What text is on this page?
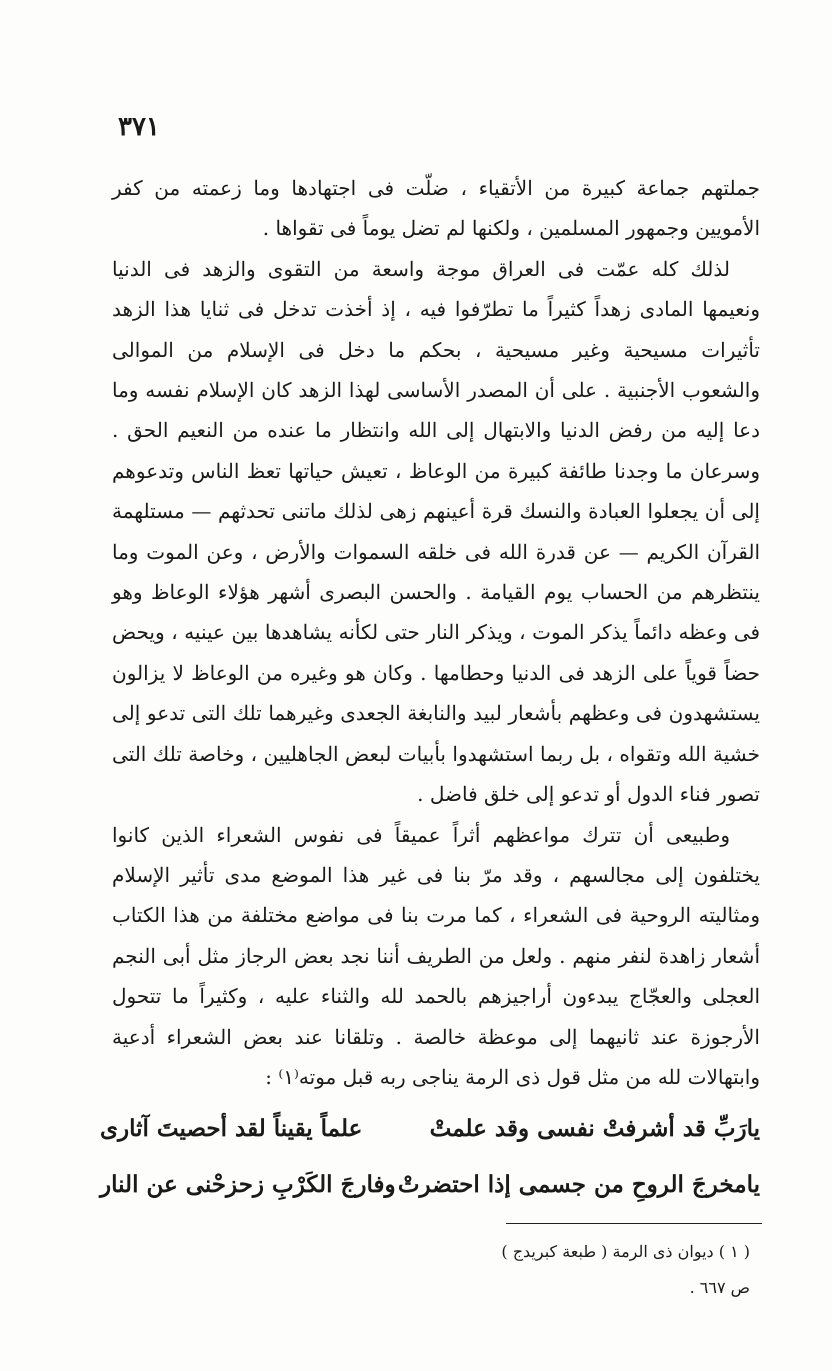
٣٧١

جملتهم جماعة كبيرة من الأتقياء ، ضلّت فى اجتهادها وما زعمته من كفر الأمويين وجمهور المسلمين ، ولكنها لم تضل يوماً فى تقواها .

لذلك كله عمّت فى العراق موجة واسعة من التقوى والزهد فى الدنيا ونعيمها المادى زهداً كثيراً ما تطرّفوا فيه ، إذ أخذت تدخل فى ثنايا هذا الزهد تأثيرات مسيحية وغير مسيحية ، بحكم ما دخل فى الإسلام من الموالى والشعوب الأجنبية . على أن المصدر الأساسى لهذا الزهد كان الإسلام نفسه وما دعا إليه من رفض الدنيا والابتهال إلى الله وانتظار ما عنده من النعيم الحق . وسرعان ما وجدنا طائفة كبيرة من الوعاظ ، تعيش حياتها تعظ الناس وتدعوهم إلى أن يجعلوا العبادة والنسك قرة أعينهم زهى لذلك ماتنى تحدثهم — مستلهمة القرآن الكريم — عن قدرة الله فى خلقه السموات والأرض ، وعن الموت وما ينتظرهم من الحساب يوم القيامة . والحسن البصرى أشهر هؤلاء الوعاظ وهو فى وعظه دائماً يذكر الموت ، ويذكر النار حتى لكأنه يشاهدها بين عينيه ، ويحض حضاً قوياً على الزهد فى الدنيا وحطامها . وكان هو وغيره من الوعاظ لا يزالون يستشهدون فى وعظهم بأشعار لبيد والنابغة الجعدى وغيرهما تلك التى تدعو إلى خشية الله وتقواه ، بل ربما استشهدوا بأبيات لبعض الجاهليين ، وخاصة تلك التى تصور فناء الدول أو تدعو إلى خلق فاضل .

وطبيعى أن تترك مواعظهم أثراً عميقاً فى نفوس الشعراء الذين كانوا يختلفون إلى مجالسهم ، وقد مرّ بنا فى غير هذا الموضع مدى تأثير الإسلام ومثاليته الروحية فى الشعراء ، كما مرت بنا فى مواضع مختلفة من هذا الكتاب أشعار زاهدة لنفر منهم . ولعل من الطريف أننا نجد بعض الرجاز مثل أبى النجم العجلى والعجّاج يبدءون أراجيزهم بالحمد لله والثناء عليه ، وكثيراً ما تتحول الأرجوزة عند ثانيهما إلى موعظة خالصة . وتلقانا عند بعض الشعراء أدعية وابتهالات لله من مثل قول ذى الرمة يناجى ربه قبل موته⁽١⁾ :

يارَبِّ قد أشرفتْ نفسى وقد علمتْ
علماً يقيناً لقد أحصيتَ آثارى
يامخرجَ الروحِ من جسمى إذا احتضرتْ
وفارجَ الكَرْبِ زحزحْنى عن النار
( ١ ) ديوان ذى الرمة ( طبعة كبريدج )
ص ٦٦٧ .
